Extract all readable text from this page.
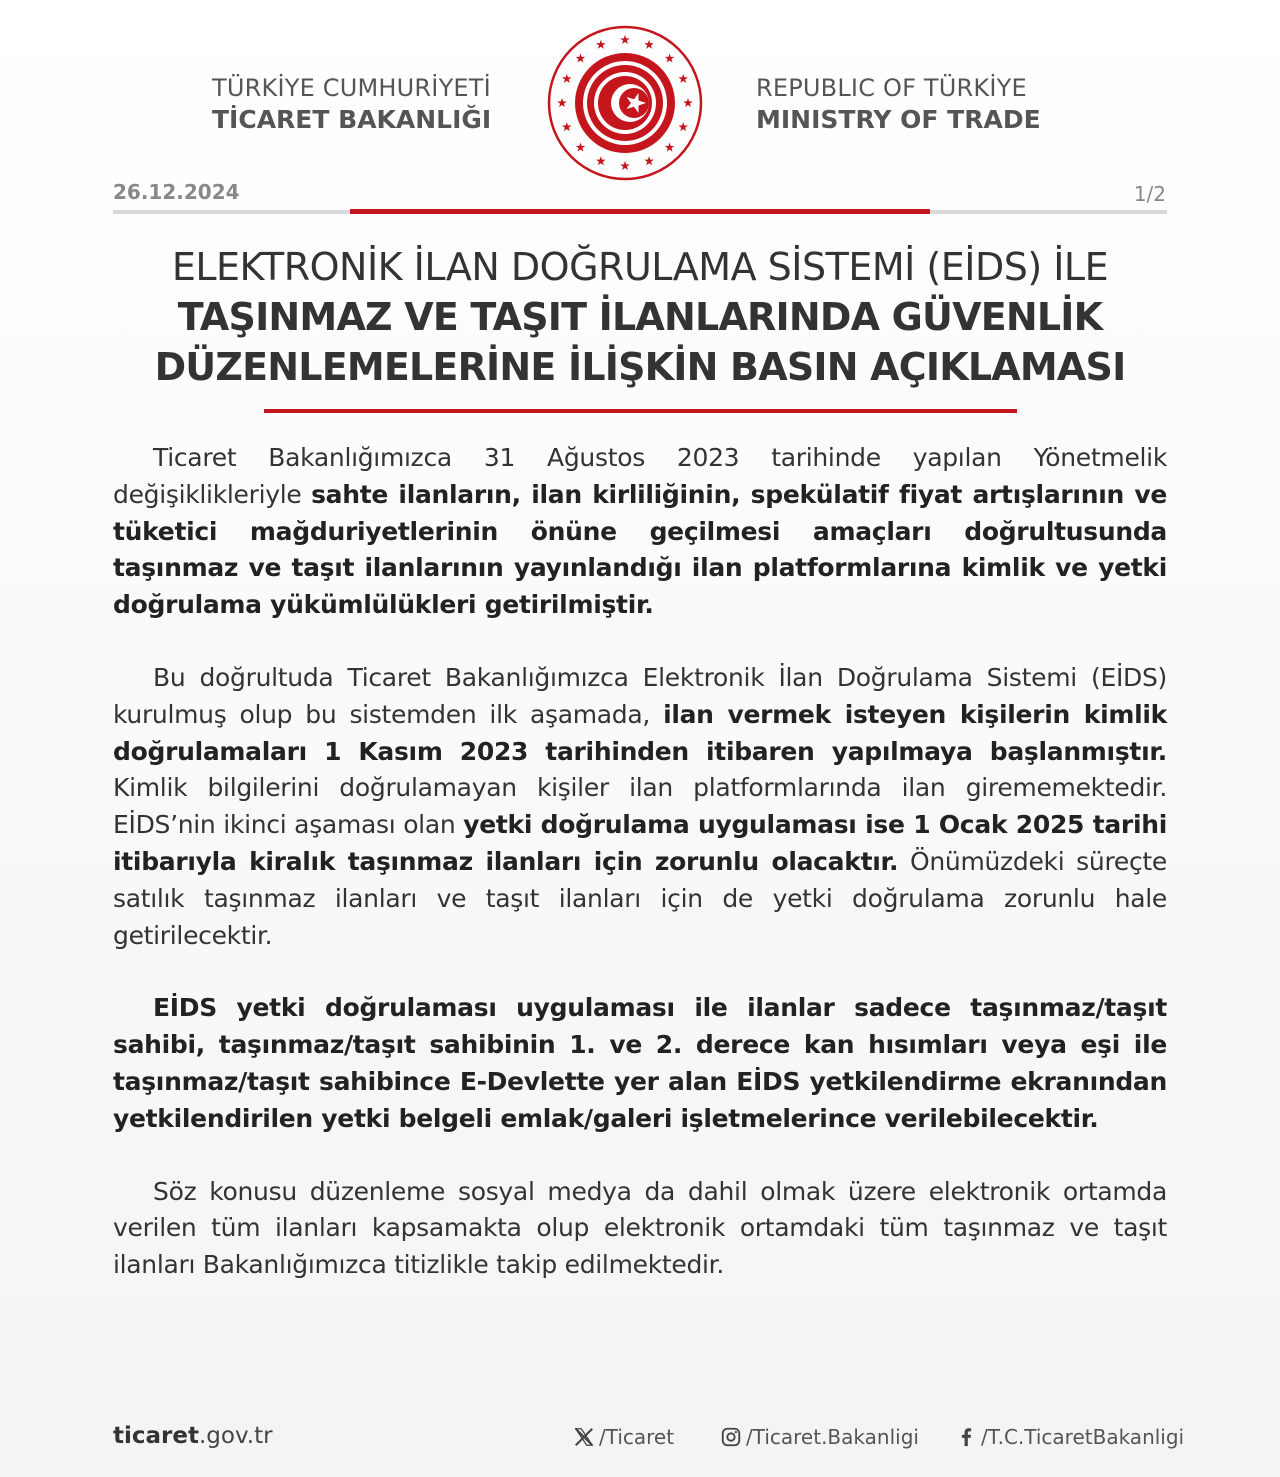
TÜRKİYE CUMHURİYETİ
TİCARET BAKANLIĞI
REPUBLIC OF TÜRKİYE
MINISTRY OF TRADE
26.12.2024	1/2
ELEKTRONİK İLAN DOĞRULAMA SİSTEMİ (EİDS) İLE
TAŞINMAZ VE TAŞIT İLANLARINDA GÜVENLİK
DÜZENLEMELERİNE İLİŞKİN BASIN AÇIKLAMASI

Ticaret Bakanlığımızca 31 Ağustos 2023 tarihinde yapılan Yönetmelik değişiklikleriyle sahte ilanların, ilan kirliliğinin, spekülatif fiyat artışlarının ve tüketici mağduriyetlerinin önüne geçilmesi amaçları doğrultusunda taşınmaz ve taşıt ilanlarının yayınlandığı ilan platformlarına kimlik ve yetki doğrulama yükümlülükleri getirilmiştir.

Bu doğrultuda Ticaret Bakanlığımızca Elektronik İlan Doğrulama Sistemi (EİDS) kurulmuş olup bu sistemden ilk aşamada, ilan vermek isteyen kişilerin kimlik doğrulamaları 1 Kasım 2023 tarihinden itibaren yapılmaya başlanmıştır. Kimlik bilgilerini doğrulamayan kişiler ilan platformlarında ilan girememektedir. EİDS’nin ikinci aşaması olan yetki doğrulama uygulaması ise 1 Ocak 2025 tarihi itibarıyla kiralık taşınmaz ilanları için zorunlu olacaktır. Önümüzdeki süreçte satılık taşınmaz ilanları ve taşıt ilanları için de yetki doğrulama zorunlu hale getirilecektir.

EİDS yetki doğrulaması uygulaması ile ilanlar sadece taşınmaz/taşıt sahibi, taşınmaz/taşıt sahibinin 1. ve 2. derece kan hısımları veya eşi ile taşınmaz/taşıt sahibince E-Devlette yer alan EİDS yetkilendirme ekranından yetkilendirilen yetki belgeli emlak/galeri işletmelerince verilebilecektir.

Söz konusu düzenleme sosyal medya da dahil olmak üzere elektronik ortamda verilen tüm ilanları kapsamakta olup elektronik ortamdaki tüm taşınmaz ve taşıt ilanları Bakanlığımızca titizlikle takip edilmektedir.

ticaret.gov.tr	/Ticaret	/Ticaret.Bakanligi	/T.C.TicaretBakanligi
